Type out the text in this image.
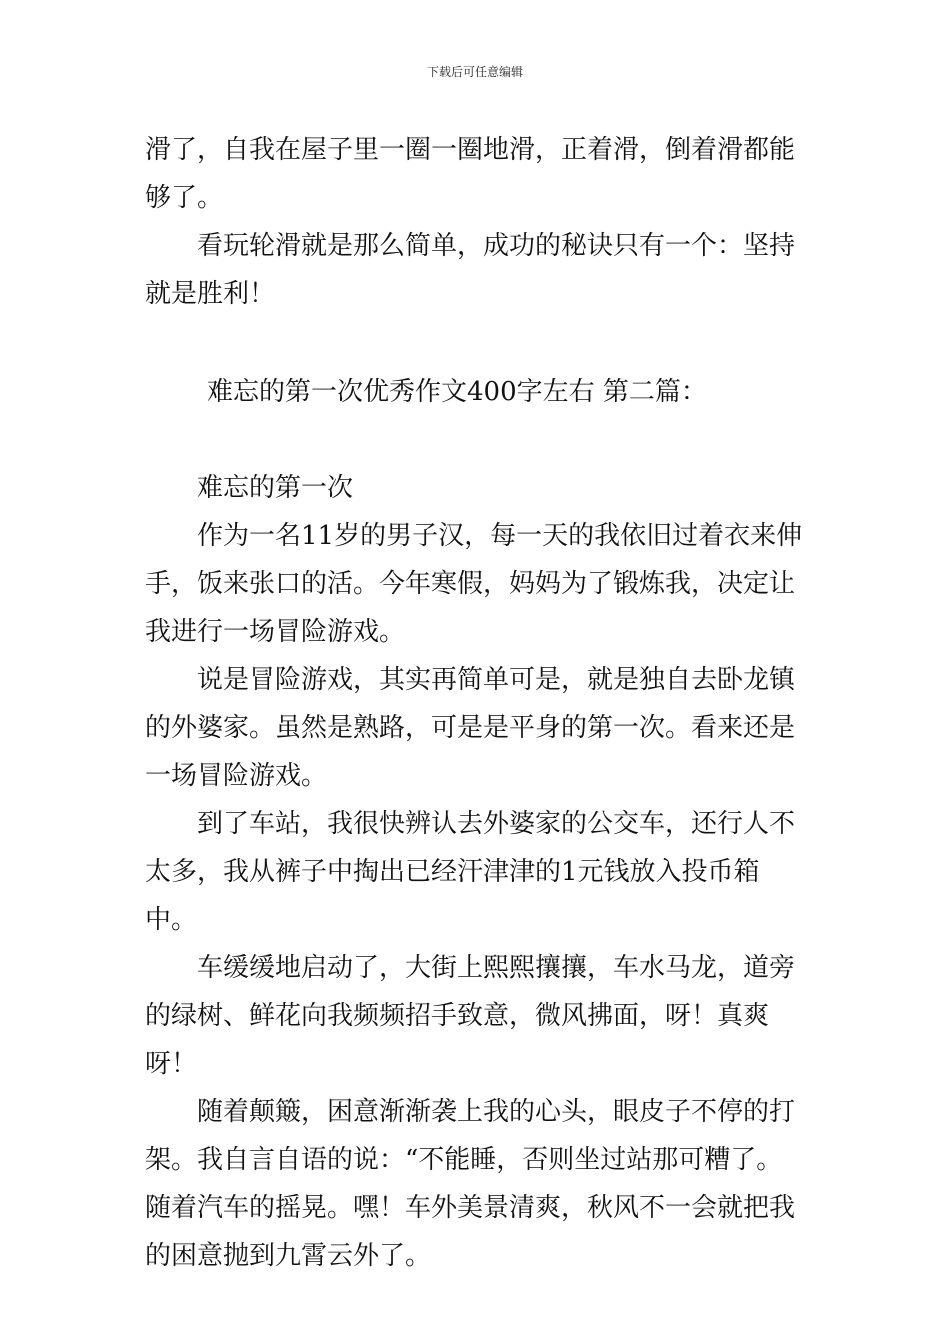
下载后可任意编辑

滑了，自我在屋子里一圈一圈地滑，正着滑，倒着滑都能够了。

看玩轮滑就是那么简单，成功的秘诀只有一个：坚持就是胜利！

难忘的第一次优秀作文400字左右 第二篇：

难忘的第一次

作为一名11岁的男子汉，每一天的我依旧过着衣来伸手，饭来张口的活。今年寒假，妈妈为了锻炼我，决定让我进行一场冒险游戏。

说是冒险游戏，其实再简单可是，就是独自去卧龙镇的外婆家。虽然是熟路，可是是平身的第一次。看来还是一场冒险游戏。

到了车站，我很快辨认去外婆家的公交车，还行人不太多，我从裤子中掏出已经汗津津的1元钱放入投币箱中。

车缓缓地启动了，大街上熙熙攘攘，车水马龙，道旁的绿树、鲜花向我频频招手致意，微风拂面，呀！真爽呀！

随着颠簸，困意渐渐袭上我的心头，眼皮子不停的打架。我自言自语的说：“不能睡，否则坐过站那可糟了。随着汽车的摇晃。嘿！车外美景清爽，秋风不一会就把我的困意抛到九霄云外了。
